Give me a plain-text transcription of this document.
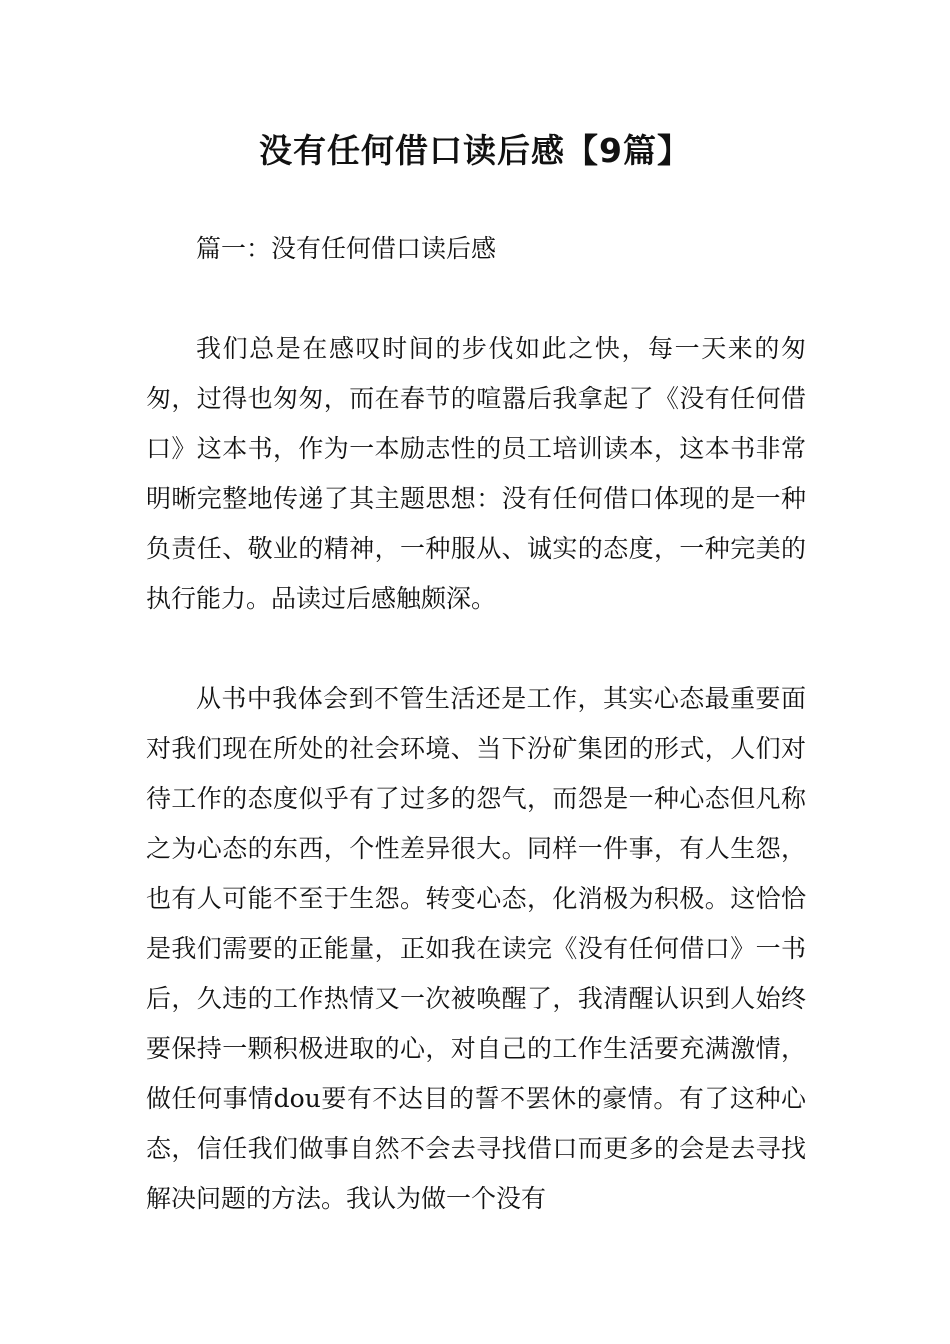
没有任何借口读后感【9篇】

篇一：没有任何借口读后感

我们总是在感叹时间的步伐如此之快，每一天来的匆匆，过得也匆匆，而在春节的喧嚣后我拿起了《没有任何借口》这本书，作为一本励志性的员工培训读本，这本书非常明晰完整地传递了其主题思想：没有任何借口体现的是一种负责任、敬业的精神，一种服从、诚实的态度，一种完美的执行能力。品读过后感触颇深。

从书中我体会到不管生活还是工作，其实心态最重要面对我们现在所处的社会环境、当下汾矿集团的形式，人们对待工作的态度似乎有了过多的怨气，而怨是一种心态但凡称之为心态的东西，个性差异很大。同样一件事，有人生怨，也有人可能不至于生怨。转变心态，化消极为积极。这恰恰是我们需要的正能量，正如我在读完《没有任何借口》一书后，久违的工作热情又一次被唤醒了，我清醒认识到人始终要保持一颗积极进取的心，对自己的工作生活要充满激情，做任何事情dou要有不达目的誓不罢休的豪情。有了这种心态，信任我们做事自然不会去寻找借口而更多的会是去寻找解决问题的方法。我认为做一个没有
